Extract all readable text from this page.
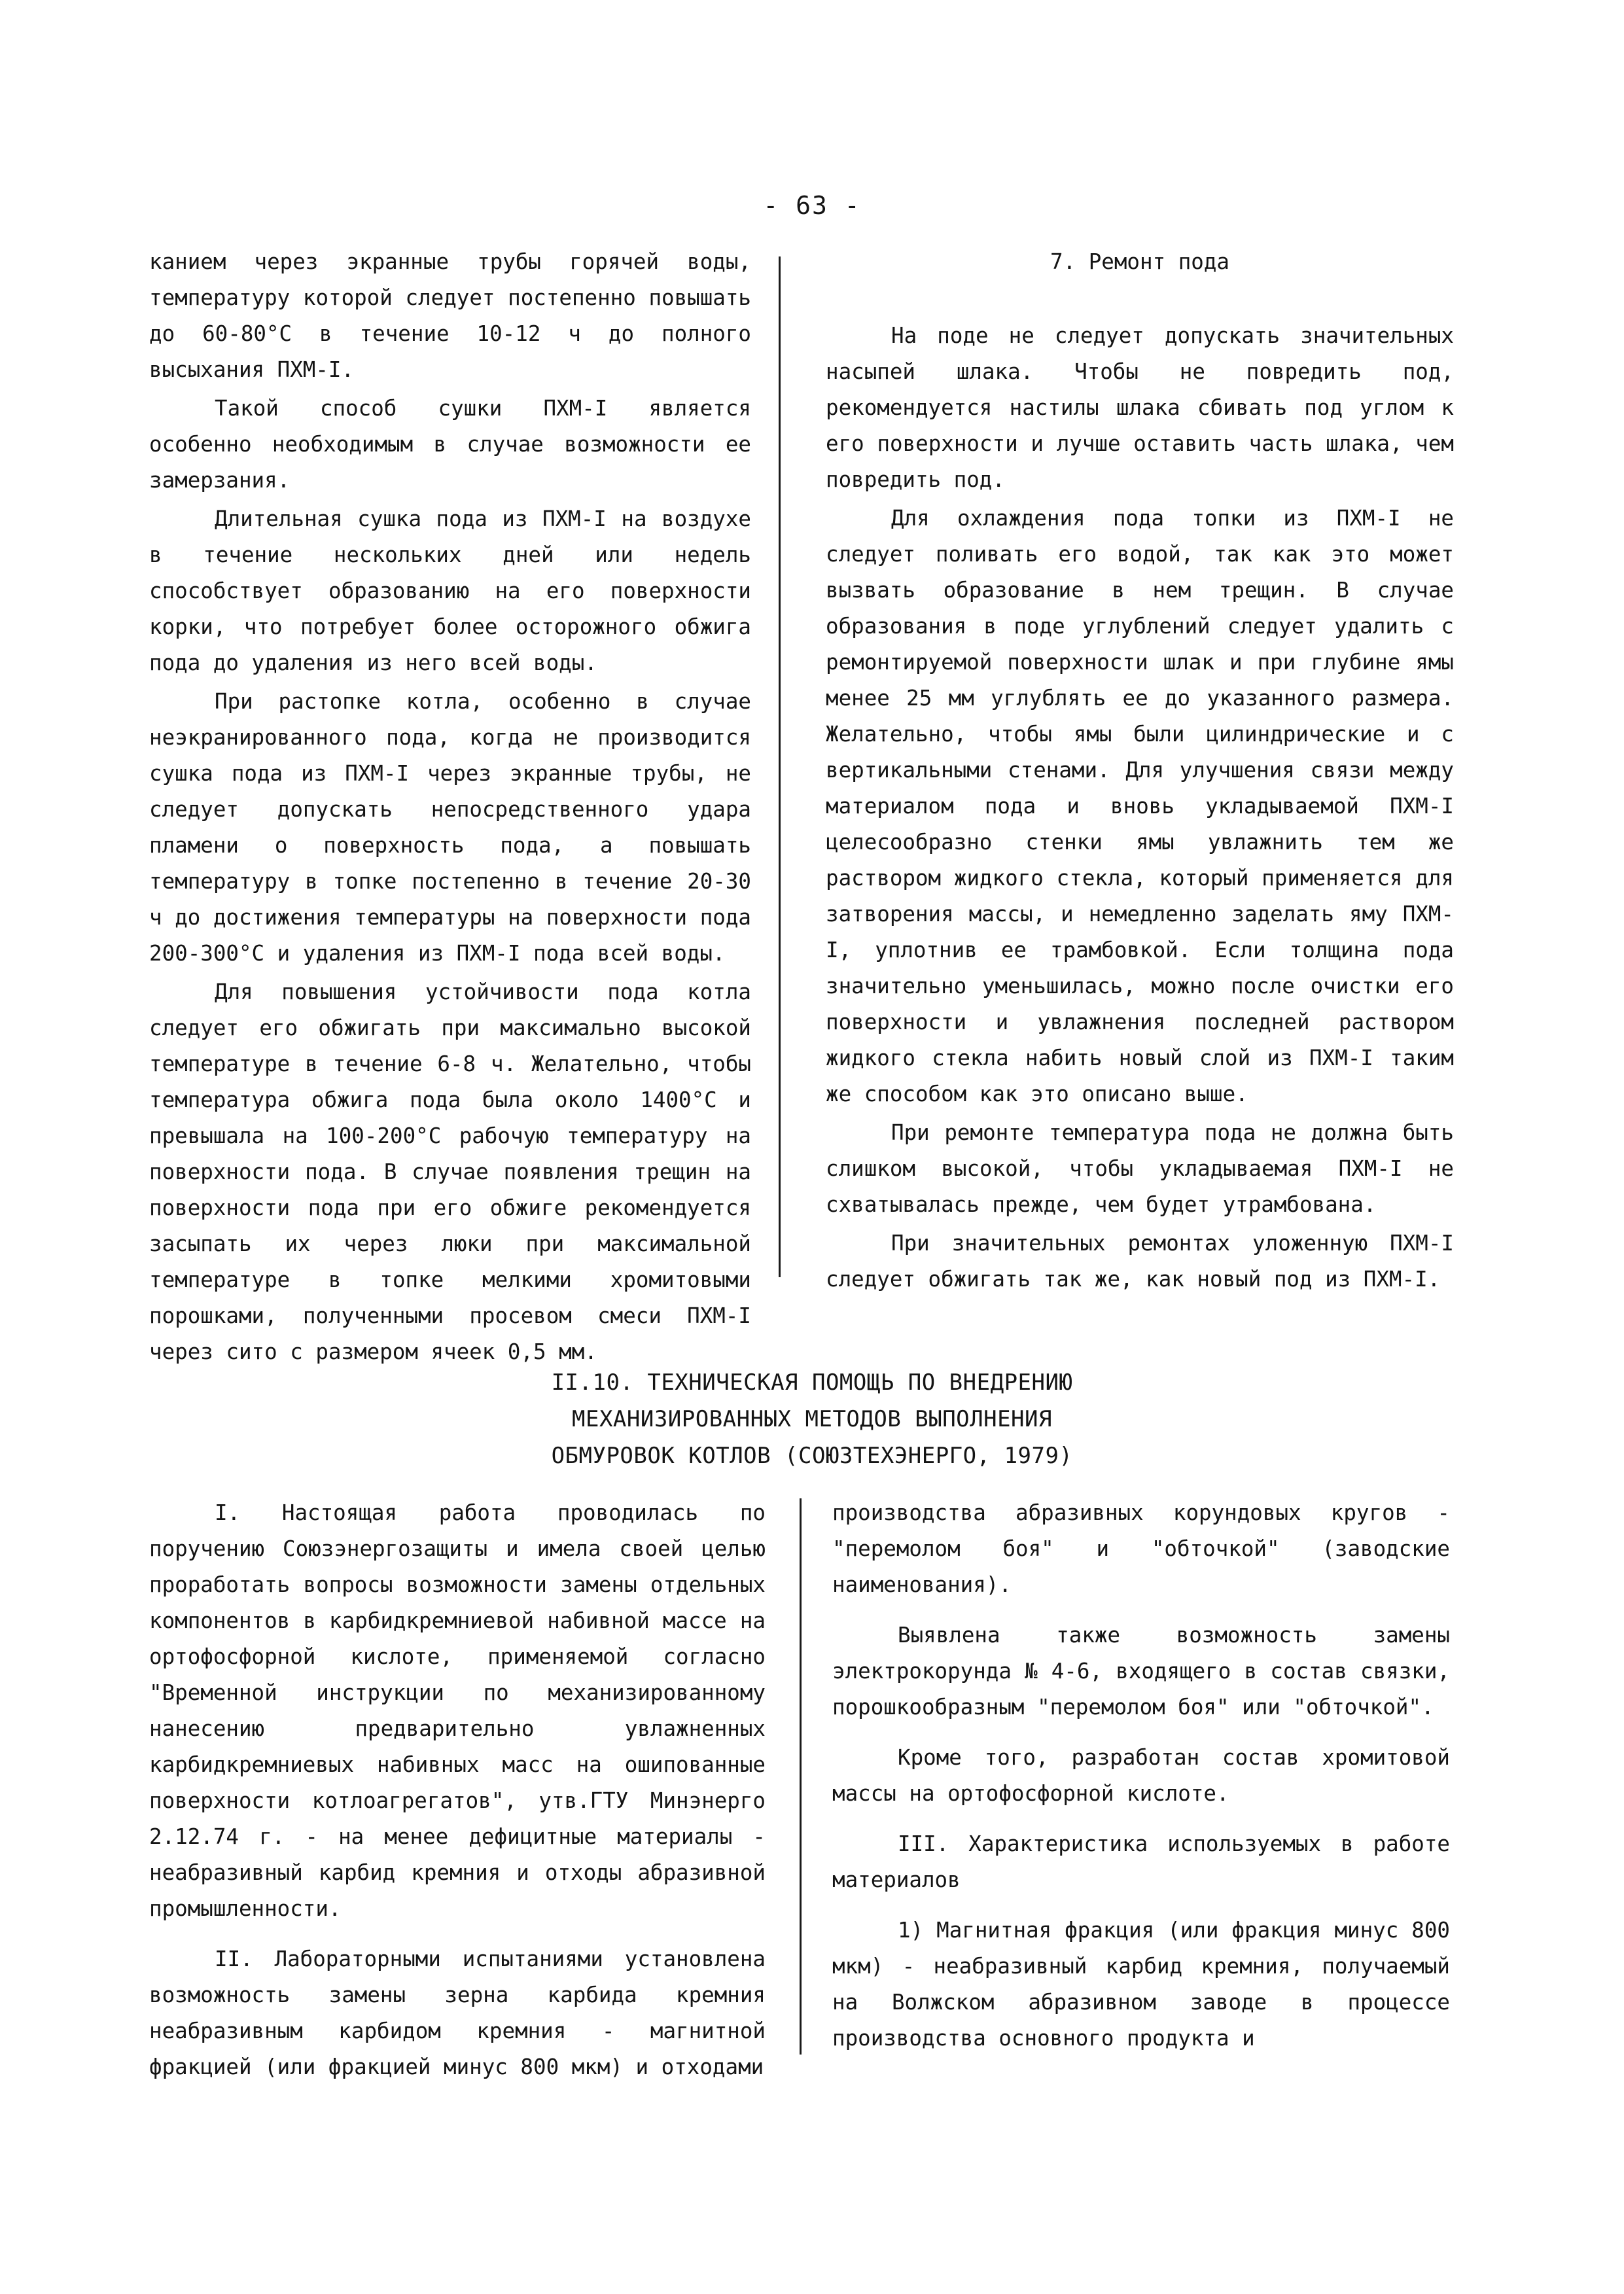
- 63 -

канием через экранные трубы горячей воды, температуру которой следует постепенно повышать до 60-80°С в течение 10-12 ч до полного высыхания ПХМ-I.

Такой способ сушки ПХМ-I является особенно необходимым в случае возможности ее замерзания.

Длительная сушка пода из ПХМ-I на воздухе в течение нескольких дней или недель способствует образованию на его поверхности корки, что потребует более осторожного обжига пода до удаления из него всей воды.

При растопке котла, особенно в случае неэкранированного пода, когда не производится сушка пода из ПХМ-I через экранные трубы, не следует допускать непосредственного удара пламени о поверхность пода, а повышать температуру в топке постепенно в течение 20-30 ч до достижения температуры на поверхности пода 200-300°С и удаления из ПХМ-I пода всей воды.

Для повышения устойчивости пода котла следует его обжигать при максимально высокой температуре в течение 6-8 ч. Желательно, чтобы температура обжига пода была около 1400°С и превышала на 100-200°С рабочую температуру на поверхности пода. В случае появления трещин на поверхности пода при его обжиге рекомендуется засыпать их через люки при максимальной температуре в топке мелкими хромитовыми порошками, полученными просевом смеси ПХМ-I через сито с размером ячеек 0,5 мм.

7. Ремонт пода

На поде не следует допускать значительных насыпей шлака. Чтобы не повредить под, рекомендуется настилы шлака сбивать под углом к его поверхности и лучше оставить часть шлака, чем повредить под.

Для охлаждения пода топки из ПХМ-I не следует поливать его водой, так как это может вызвать образование в нем трещин. В случае образования в поде углублений следует удалить с ремонтируемой поверхности шлак и при глубине ямы менее 25 мм углублять ее до указанного размера. Желательно, чтобы ямы были цилиндрические и с вертикальными стенами. Для улучшения связи между материалом пода и вновь укладываемой ПХМ-I целесообразно стенки ямы увлажнить тем же раствором жидкого стекла, который применяется для затворения массы, и немедленно заделать яму ПХМ-I, уплотнив ее трамбовкой. Если толщина пода значительно уменьшилась, можно после очистки его поверхности и увлажнения последней раствором жидкого стекла набить новый слой из ПХМ-I таким же способом как это описано выше.

При ремонте температура пода не должна быть слишком высокой, чтобы укладываемая ПХМ-I не схватывалась прежде, чем будет утрамбована.

При значительных ремонтах уложенную ПХМ-I следует обжигать так же, как новый под из ПХМ-I.

II.10. ТЕХНИЧЕСКАЯ ПОМОЩЬ ПО ВНЕДРЕНИЮ
МЕХАНИЗИРОВАННЫХ МЕТОДОВ ВЫПОЛНЕНИЯ
ОБМУРОВОК КОТЛОВ (СОЮЗТЕХЭНЕРГО, 1979)

I. Настоящая работа проводилась по поручению Союзэнергозащиты и имела своей целью проработать вопросы возможности замены отдельных компонентов в карбидкремниевой набивной массе на ортофосфорной кислоте, применяемой согласно "Временной инструкции по механизированному нанесению предварительно увлажненных карбидкремниевых набивных масс на ошипованные поверхности котлоагрегатов", утв.ГТУ Минэнерго 2.12.74 г. - на менее дефицитные материалы - неабразивный карбид кремния и отходы абразивной промышленности.

II. Лабораторными испытаниями установлена возможность замены зерна карбида кремния неабразивным карбидом кремния - магнитной фракцией (или фракцией минус 800 мкм) и отходами

производства абразивных корундовых кругов - "перемолом боя" и "обточкой" (заводские наименования).

Выявлена также возможность замены электрокорунда № 4-6, входящего в состав связки, порошкообразным "перемолом боя" или "обточкой".

Кроме того, разработан состав хромитовой массы на ортофосфорной кислоте.

III. Характеристика используемых в работе материалов

1) Магнитная фракция (или фракция минус 800 мкм) - неабразивный карбид кремния, получаемый на Волжском абразивном заводе в процессе производства основного продукта и
